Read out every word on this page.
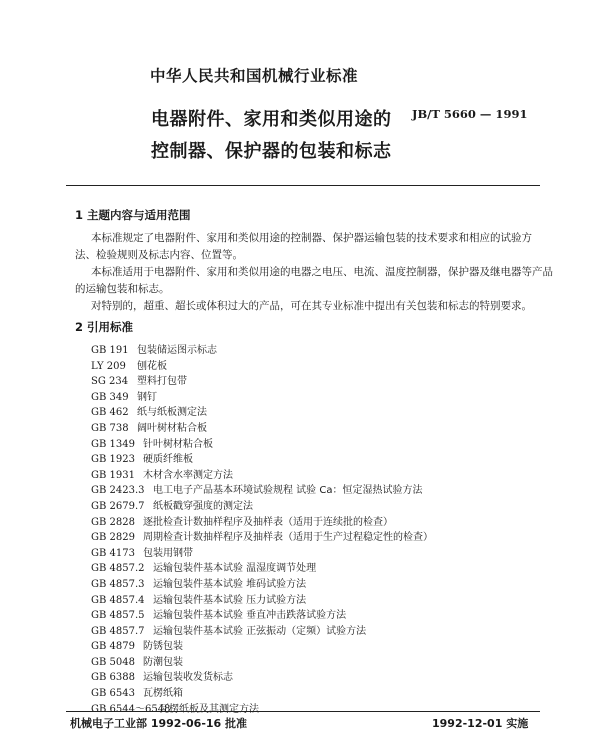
中华人民共和国机械行业标准
电器附件、家用和类似用途的
控制器、保护器的包装和标志
JB/T 5660 — 1991
1 主题内容与适用范围
本标准规定了电器附件、家用和类似用途的控制器、保护器运输包装的技术要求和相应的试验方
法、检验规则及标志内容、位置等。
本标准适用于电器附件、家用和类似用途的电器之电压、电流、温度控制器，保护器及继电器等产品
的运输包装和标志。
对特别的，超重、超长或体积过大的产品，可在其专业标准中提出有关包装和标志的特别要求。
2 引用标准
GB 191 包装储运图示标志
LY 209 刨花板
SG 234 塑料打包带
GB 349 钢钉
GB 462 纸与纸板测定法
GB 738 阔叶树材粘合板
GB 1349 针叶树材粘合板
GB 1923 硬质纤维板
GB 1931 木材含水率测定方法
GB 2423.3 电工电子产品基本环境试验规程 试验 Ca：恒定湿热试验方法
GB 2679.7 纸板戳穿强度的测定法
GB 2828 逐批检查计数抽样程序及抽样表（适用于连续批的检查）
GB 2829 周期检查计数抽样程序及抽样表（适用于生产过程稳定性的检查）
GB 4173 包装用钢带
GB 4857.2 运输包装件基本试验 温湿度调节处理
GB 4857.3 运输包装件基本试验 堆码试验方法
GB 4857.4 运输包装件基本试验 压力试验方法
GB 4857.5 运输包装件基本试验 垂直冲击跌落试验方法
GB 4857.7 运输包装件基本试验 正弦振动（定频）试验方法
GB 4879 防锈包装
GB 5048 防潮包装
GB 6388 运输包装收发货标志
GB 6543 瓦楞纸箱
GB 6544～6548
瓦楞纸板及其测定方法
机械电子工业部 1992-06-16 批准	1992-12-01 实施
